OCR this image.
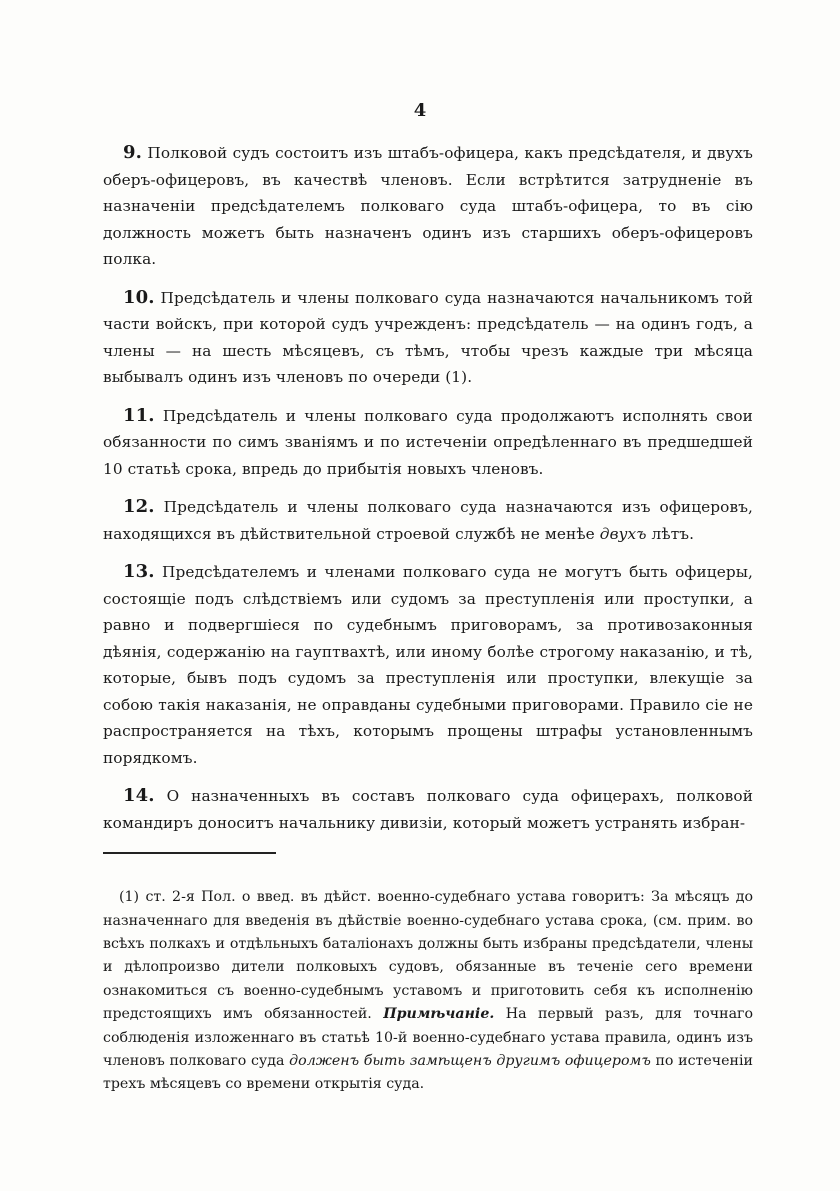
4

9. Полковой судъ состоитъ изъ штабъ-офицера, какъ предсѣдателя, и двухъ оберъ-офицеровъ, въ качествѣ членовъ. Если встрѣтится затрудненіе въ назначеніи предсѣдателемъ полковаго суда штабъ-офицера, то въ сію должность можетъ быть назначенъ одинъ изъ старшихъ оберъ-офицеровъ полка.

10. Предсѣдатель и члены полковаго суда назначаются начальникомъ той части войскъ, при которой судъ учрежденъ: предсѣдатель — на одинъ годъ, а члены — на шесть мѣсяцевъ, съ тѣмъ, чтобы чрезъ каждые три мѣсяца выбывалъ одинъ изъ членовъ по очереди (1).

11. Предсѣдатель и члены полковаго суда продолжаютъ исполнять свои обязанности по симъ званіямъ и по истеченіи опредѣленнаго въ предшедшей 10 статьѣ срока, впредь до прибытія новыхъ членовъ.

12. Предсѣдатель и члены полковаго суда назначаются изъ офицеровъ, находящихся въ дѣйствительной строевой службѣ не менѣе двухъ лѣтъ.

13. Предсѣдателемъ и членами полковаго суда не могутъ быть офицеры, состоящіе подъ слѣдствіемъ или судомъ за преступленія или проступки, а равно и подвергшіеся по судебнымъ приговорамъ, за противозаконныя дѣянія, содержанію на гауптвахтѣ, или иному болѣе строгому наказанію, и тѣ, которые, бывъ подъ судомъ за преступленія или проступки, влекущіе за собою такія наказанія, не оправданы судебными приговорами. Правило сіе не распространяется на тѣхъ, которымъ прощены штрафы установленнымъ порядкомъ.

14. О назначенныхъ въ составъ полковаго суда офицерахъ, полковой командиръ доноситъ начальнику дивизіи, который можетъ устранять избран-

(1) ст. 2-я Пол. о введ. въ дѣйст. военно-судебнаго устава говоритъ: За мѣсяцъ до назначеннаго для введенія въ дѣйствіе военно-судебнаго устава срока, (см. прим. во всѣхъ полкахъ и отдѣльныхъ баталіонахъ должны быть избраны предсѣдатели, члены и дѣлопроизво дители полковыхъ судовъ, обязанные въ теченіе сего времени ознакомиться съ военно-судебнымъ уставомъ и приготовить себя къ исполненію предстоящихъ имъ обязанностей. Примѣчаніе. На первый разъ, для точнаго соблюденія изложеннаго въ статьѣ 10-й военно-судебнаго устава правила, одинъ изъ членовъ полковаго суда долженъ быть замѣщенъ другимъ офицеромъ по истеченіи трехъ мѣсяцевъ со времени открытія суда.
